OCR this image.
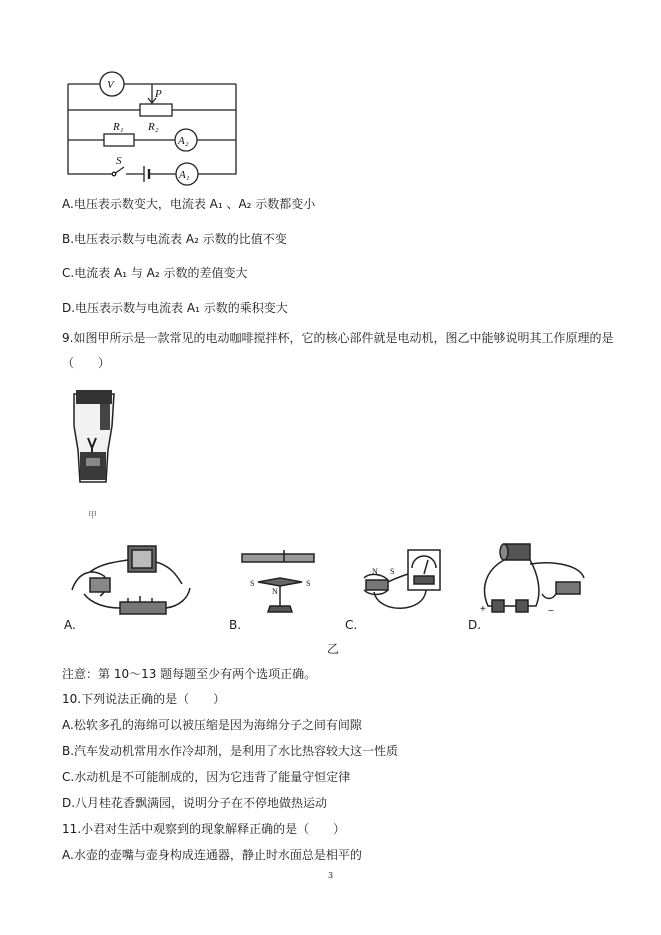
V
P
R₂
R₁
A₂
S
A₁
A.电压表示数变大，电流表 A₁ 、A₂ 示数都变小
B.电压表示数与电流表 A₂ 示数的比值不变
C.电流表 A₁ 与 A₂ 示数的差值变大
D.电压表示数与电流表 A₁ 示数的乘积变大
9.如图甲所示是一款常见的电动咖啡搅拌杯，它的核心部件就是电动机，图乙中能够说明其工作原理的是
（　　）
甲
A.
S
N
S
B.
N S
C.
+	−
D.
乙
注意：第 10～13 题每题至少有两个选项正确。
10.下列说法正确的是（　　）
A.松软多孔的海绵可以被压缩是因为海绵分子之间有间隙
B.汽车发动机常用水作冷却剂，是利用了水比热容较大这一性质
C.水动机是不可能制成的，因为它违背了能量守恒定律
D.八月桂花香飘满园，说明分子在不停地做热运动
11.小君对生活中观察到的现象解释正确的是（　　）
A.水壶的壶嘴与壶身构成连通器，静止时水面总是相平的
3
